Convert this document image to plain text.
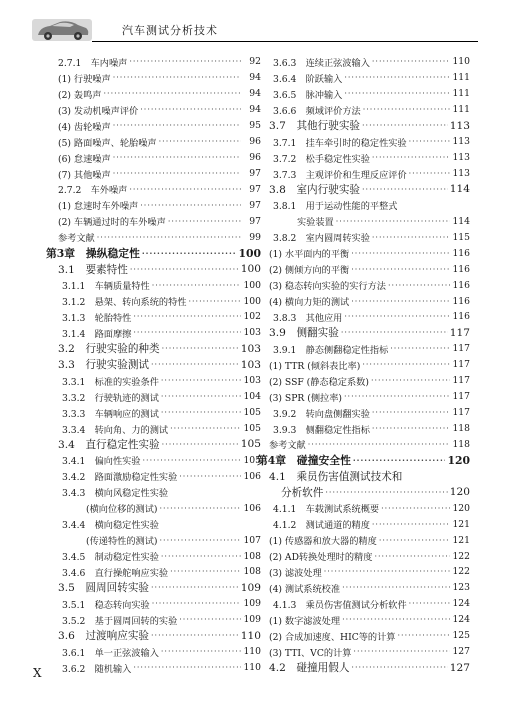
汽车测试分析技术
2.7.1　车内噪声 ·····	92
(1) 行驶噪声 ·····	94
(2) 轰鸣声 ·····	94
(3) 发动机噪声评价 ·····	94
(4) 齿轮噪声 ·····	95
(5) 路面噪声、轮胎噪声 ·····	96
(6) 怠速噪声 ·····	96
(7) 其他噪声 ·····	97
2.7.2　车外噪声 ·····	97
(1) 怠速时车外噪声 ·····	97
(2) 车辆通过时的车外噪声 ·····	97
参考文献 ·····	99
第3章　操纵稳定性 ·····	100
3.1　要素特性 ·····	100
3.1.1　车辆质量特性 ·····	100
3.1.2　悬架、转向系统的特性 ·····	100
3.1.3　轮胎特性 ·····	102
3.1.4　路面摩擦 ·····	103
3.2　行驶实验的种类 ·····	103
3.3　行驶实验测试 ·····	103
3.3.1　标准的实验条件 ·····	103
3.3.2　行驶轨迹的测试 ·····	104
3.3.3　车辆响应的测试 ·····	105
3.3.4　转向角、力的测试 ·····	105
3.4　直行稳定性实验 ·····	105
3.4.1　偏向性实验 ·····	105
3.4.2　路面激励稳定性实验 ·····	106
3.4.3　横向风稳定性实验
(横向位移的测试) ·····	106
3.4.4　横向稳定性实验
(传递特性的测试) ·····	107
3.4.5　制动稳定性实验 ·····	108
3.4.6　直行操舵响应实验 ·····	108
3.5　圆周回转实验 ·····	109
3.5.1　稳态转向实验 ·····	109
3.5.2　基于圆周回转的实验 ·····	109
3.6　过渡响应实验 ·····	110
3.6.1　单一正弦波输入 ·····	110
3.6.2　随机输入 ·····	110
3.6.3　连续正弦波输入 ·····	110
3.6.4　阶跃输入 ·····	111
3.6.5　脉冲输入 ·····	111
3.6.6　频域评价方法 ·····	111
3.7　其他行驶实验 ·····	113
3.7.1　挂车牵引时的稳定性实验 ·····	113
3.7.2　松手稳定性实验 ·····	113
3.7.3　主观评价和生理反应评价 ·····	113
3.8　室内行驶实验 ·····	114
3.8.1　用于运动性能的平整式
实验装置 ·····	114
3.8.2　室内圆周转实验 ·····	115
(1) 水平面内的平衡 ·····	116
(2) 侧倾方向的平衡 ·····	116
(3) 稳态转向实验的实行方法 ·····	116
(4) 横向力矩的测试 ·····	116
3.8.3　其他应用 ·····	116
3.9　侧翻实验 ·····	117
3.9.1　静态侧翻稳定性指标 ·····	117
(1) TTR (倾斜表比率) ·····	117
(2) SSF (静态稳定系数) ·····	117
(3) SPR (侧拉率) ·····	117
3.9.2　转向盘侧翻实验 ·····	117
3.9.3　侧翻稳定性指标 ·····	118
参考文献 ·····	118
第4章　碰撞安全性 ·····	120
4.1　乘员伤害值测试技术和
分析软件 ·····	120
4.1.1　车载测试系统概要 ·····	120
4.1.2　测试通道的精度 ·····	121
(1) 传感器和放大器的精度 ·····	121
(2) AD转换处理时的精度 ·····	122
(3) 滤波处理 ·····	122
(4) 测试系统校准 ·····	123
4.1.3　乘员伤害值测试分析软件 ·····	124
(1) 数字滤波处理 ·····	124
(2) 合成加速度、HIC等的计算 ·····	125
(3) TTI、VC的计算 ·····	127
4.2　碰撞用假人 ·····	127
X
